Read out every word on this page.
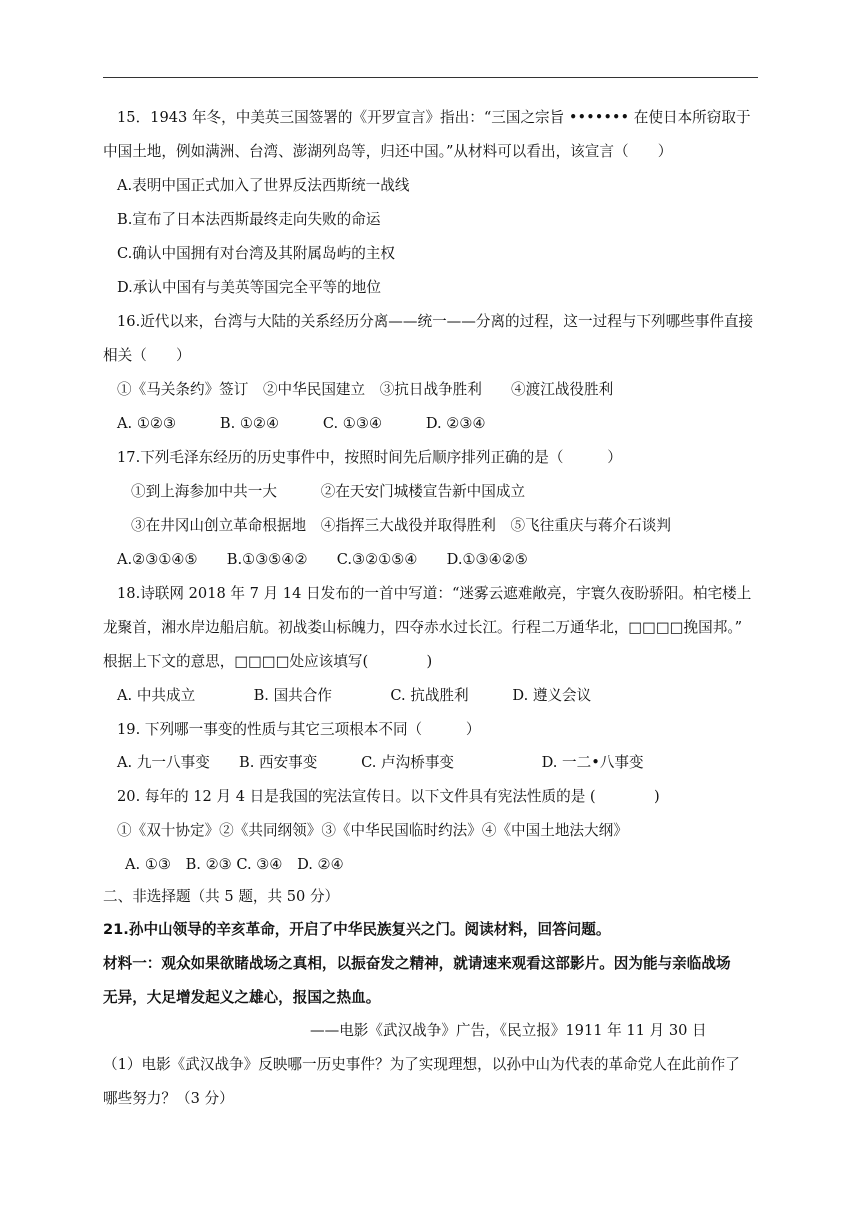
15．1943 年冬，中美英三国签署的《开罗宣言》指出：“三国之宗旨 ••••••• 在使日本所窃取于
中国土地，例如满洲、台湾、澎湖列岛等，归还中国。”从材料可以看出，该宣言（　　）
A.表明中国正式加入了世界反法西斯统一战线
B.宣布了日本法西斯最终走向失败的命运
C.确认中国拥有对台湾及其附属岛屿的主权
D.承认中国有与美英等国完全平等的地位
16.近代以来，台湾与大陆的关系经历分离——统一——分离的过程，这一过程与下列哪些事件直接
相关（　　）
①《马关条约》签订　②中华民国建立　③抗日战争胜利　　④渡江战役胜利
A. ①②③　　　B. ①②④　　　C. ①③④　　　D. ②③④
17.下列毛泽东经历的历史事件中，按照时间先后顺序排列正确的是（　　　）
①到上海参加中共一大　　　②在天安门城楼宣告新中国成立
③在井冈山创立革命根据地　④指挥三大战役并取得胜利　⑤飞往重庆与蒋介石谈判
A.②③①④⑤　　B.①③⑤④②　　C.③②①⑤④　　D.①③④②⑤
18.诗联网 2018 年 7 月 14 日发布的一首中写道：“迷雾云遮难敞亮，宇寰久夜盼骄阳。柏宅楼上
龙聚首，湘水岸边船启航。初战娄山标魄力，四夺赤水过长江。行程二万通华北，□□□□挽国邦。”
根据上下文的意思，□□□□处应该填写(　　　　)
A. 中共成立　　　　B. 国共合作　　　　C. 抗战胜利　　　D. 遵义会议
19. 下列哪一事变的性质与其它三项根本不同（　　　）
A. 九一八事变　　B. 西安事变　　　C. 卢沟桥事变　　　　　　D. 一二•八事变
20. 每年的 12 月 4 日是我国的宪法宣传日。以下文件具有宪法性质的是 (　　　　)
①《双十协定》②《共同纲领》③《中华民国临时约法》④《中国土地法大纲》
A. ①③　B. ②③ C. ③④　D. ②④
二、非选择题（共 5 题，共 50 分）
21.孙中山领导的辛亥革命，开启了中华民族复兴之门。阅读材料，回答问题。
材料一：观众如果欲睹战场之真相，以振奋发之精神，就请速来观看这部影片。因为能与亲临战场
无异，大足增发起义之雄心，报国之热血。
——电影《武汉战争》广告，《民立报》1911 年 11 月 30 日
（1）电影《武汉战争》反映哪一历史事件？为了实现理想，以孙中山为代表的革命党人在此前作了
哪些努力？（3 分）
